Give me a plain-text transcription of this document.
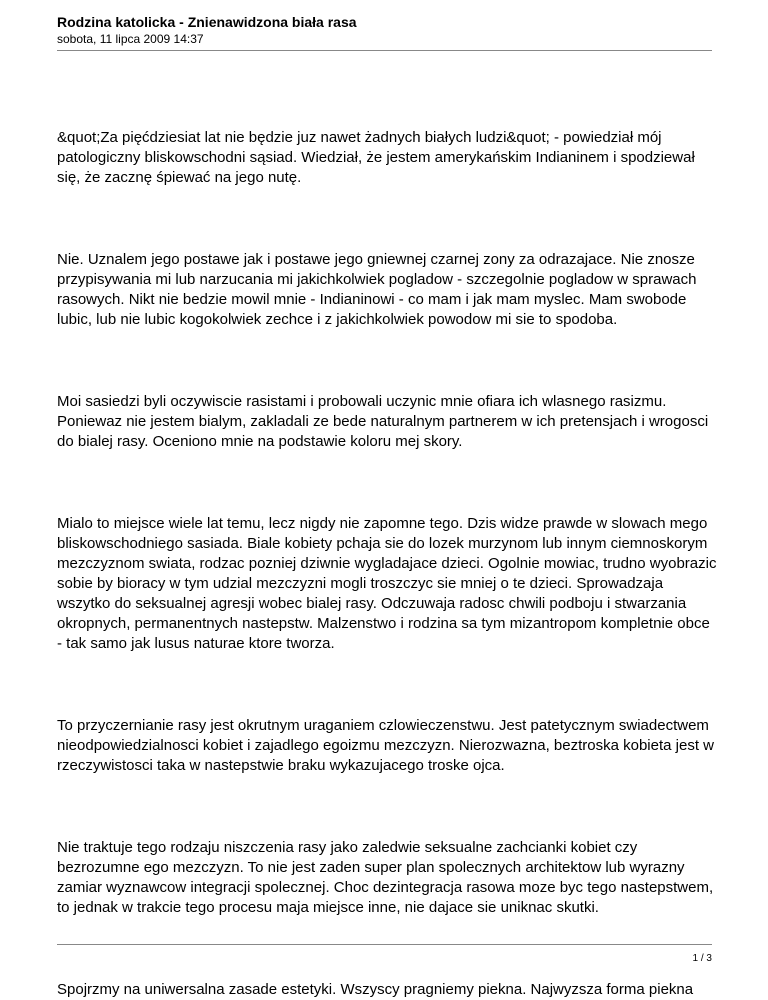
Rodzina katolicka - Znienawidzona biała rasa
sobota, 11 lipca 2009 14:37

&quot;Za pięćdziesiat lat nie będzie juz nawet żadnych białych ludzi&quot; - powiedział mój patologiczny bliskowschodni sąsiad. Wiedział, że jestem amerykańskim Indianinem i spodziewał się, że zacznę śpiewać na jego nutę.

Nie. Uznalem jego postawe jak i postawe jego gniewnej czarnej zony za odrazajace. Nie znosze przypisywania mi lub narzucania mi jakichkolwiek pogladow - szczegolnie pogladow w sprawach rasowych. Nikt nie bedzie mowil mnie - Indianinowi - co mam i jak mam myslec. Mam swobode lubic, lub nie lubic kogokolwiek zechce i z jakichkolwiek powodow mi sie to spodoba.

Moi sasiedzi byli oczywiscie rasistami i probowali uczynic mnie ofiara ich wlasnego rasizmu. Poniewaz nie jestem bialym, zakladali ze bede naturalnym partnerem w ich pretensjach i wrogosci do bialej rasy. Oceniono mnie na podstawie koloru mej skory.

Mialo to miejsce wiele lat temu, lecz nigdy nie zapomne tego. Dzis widze prawde w slowach mego bliskowschodniego sasiada. Biale kobiety pchaja sie do lozek murzynom lub innym ciemnoskorym mezczyznom swiata, rodzac pozniej dziwnie wygladajace dzieci. Ogolnie mowiac, trudno wyobrazic sobie by bioracy w tym udzial mezczyzni mogli troszczyc sie mniej o te dzieci. Sprowadzaja wszytko do seksualnej agresji wobec bialej rasy. Odczuwaja radosc chwili podboju i stwarzania okropnych, permanentnych nastepstw. Malzenstwo i rodzina sa tym mizantropom kompletnie obce - tak samo jak lusus naturae ktore tworza.

To przyczernianie rasy jest okrutnym uraganiem czlowieczenstwu. Jest patetycznym swiadectwem nieodpowiedzialnosci kobiet i zajadlego egoizmu mezczyzn. Nierozwazna, beztroska kobieta jest w rzeczywistosci taka w nastepstwie braku wykazujacego troske ojca.

Nie traktuje tego rodzaju niszczenia rasy jako zaledwie seksualne zachcianki kobiet czy bezrozumne ego mezczyzn. To nie jest zaden super plan spolecznych architektow lub wyrazny zamiar wyznawcow integracji spolecznej. Choc dezintegracja rasowa moze byc tego nastepstwem, to jednak w trakcie tego procesu maja miejsce inne, nie dajace sie uniknac skutki.

Spojrzmy na uniwersalna zasade estetyki. Wszyscy pragniemy piekna. Najwyzsza forma piekna

1 / 3
